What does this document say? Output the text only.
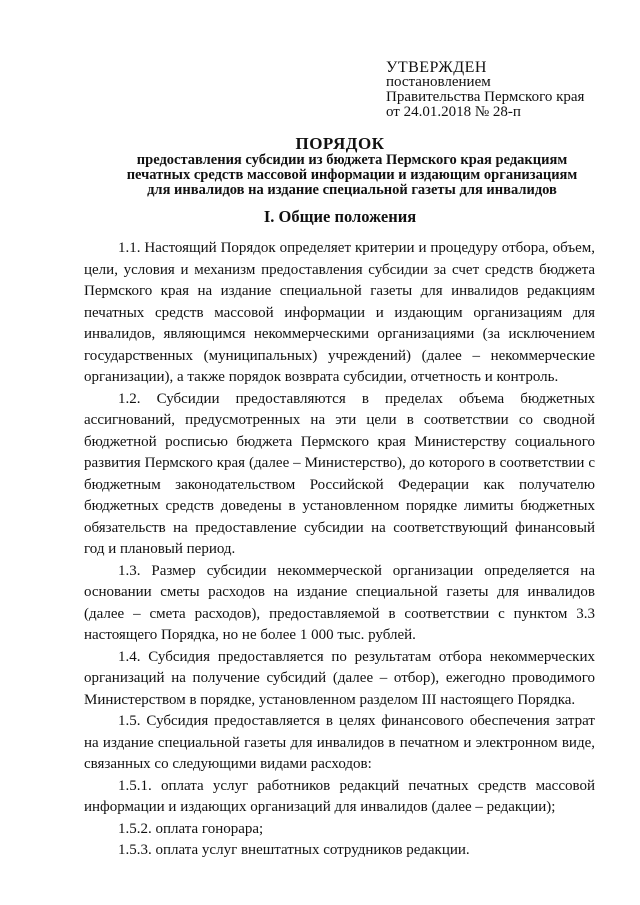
УТВЕРЖДЕН
постановлением
Правительства Пермского края
от 24.01.2018 № 28-п
ПОРЯДОК
предоставления субсидии из бюджета Пермского края редакциям
печатных средств массовой информации и издающим организациям
для инвалидов на издание специальной газеты для инвалидов
I. Общие положения

1.1. Настоящий Порядок определяет критерии и процедуру отбора, объем, цели, условия и механизм предоставления субсидии за счет средств бюджета Пермского края на издание специальной газеты для инвалидов редакциям печатных средств массовой информации и издающим организациям для инвалидов, являющимся некоммерческими организациями (за исключением государственных (муниципальных) учреждений) (далее – некоммерческие организации), а также порядок возврата субсидии, отчетность и контроль.

1.2. Субсидии предоставляются в пределах объема бюджетных ассигнований, предусмотренных на эти цели в соответствии со сводной бюджетной росписью бюджета Пермского края Министерству социального развития Пермского края (далее – Министерство), до которого в соответствии с бюджетным законодательством Российской Федерации как получателю бюджетных средств доведены в установленном порядке лимиты бюджетных обязательств на предоставление субсидии на соответствующий финансовый год и плановый период.

1.3. Размер субсидии некоммерческой организации определяется на основании сметы расходов на издание специальной газеты для инвалидов (далее – смета расходов), предоставляемой в соответствии с пунктом 3.3 настоящего Порядка, но не более 1 000 тыс. рублей.

1.4. Субсидия предоставляется по результатам отбора некоммерческих организаций на получение субсидий (далее – отбор), ежегодно проводимого Министерством в порядке, установленном разделом III настоящего Порядка.

1.5. Субсидия предоставляется в целях финансового обеспечения затрат на издание специальной газеты для инвалидов в печатном и электронном виде, связанных со следующими видами расходов:

1.5.1. оплата услуг работников редакций печатных средств массовой информации и издающих организаций для инвалидов (далее – редакции);

1.5.2. оплата гонорара;

1.5.3. оплата услуг внештатных сотрудников редакции.
